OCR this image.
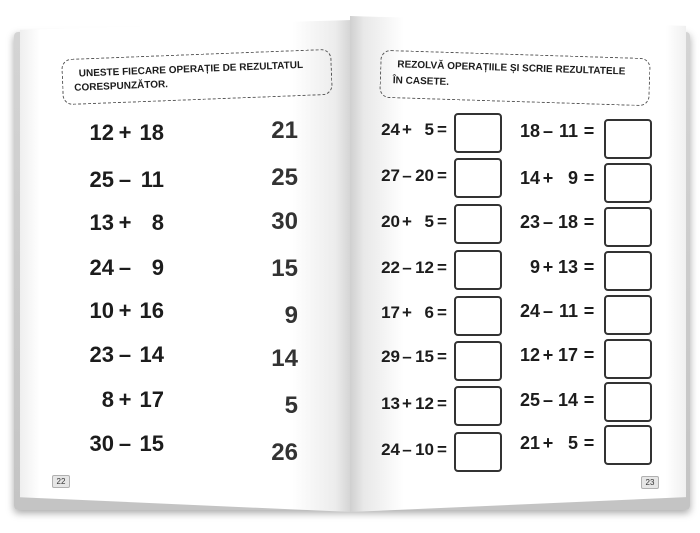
UNESTE FIECARE OPERAȚIE DE REZULTATUL
CORESPUNZĂTOR.
12 + 18
25 – 11
13 + 8
24 – 9
10 + 16
23 – 14
8 + 17
30 – 15
21
25
30
15
9
14
5
26
22
REZOLVĂ OPERAȚIILE ȘI SCRIE REZULTATELE
ÎN CASETE.
24 + 5 =
27 – 20 =
20 + 5 =
22 – 12 =
17 + 6 =
29 – 15 =
13 + 12 =
24 – 10 =
18 – 11 =
14 + 9 =
23 – 18 =
9 + 13 =
24 – 11 =
12 + 17 =
25 – 14 =
21 + 5 =
23
